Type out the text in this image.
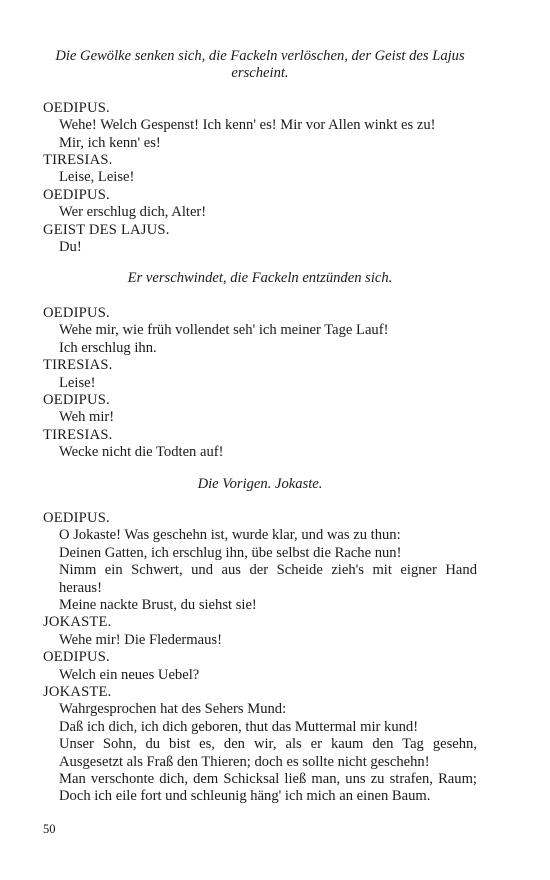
Die Gewölke senken sich, die Fackeln verlöschen, der Geist des Lajus erscheint.
OEDIPUS.
Wehe! Welch Gespenst! Ich kenn' es! Mir vor Allen winkt es zu!
Mir, ich kenn' es!
TIRESIAS.
Leise, Leise!
OEDIPUS.
Wer erschlug dich, Alter!
GEIST DES LAJUS.
Du!
Er verschwindet, die Fackeln entzünden sich.
OEDIPUS.
Wehe mir, wie früh vollendet seh' ich meiner Tage Lauf!
Ich erschlug ihn.
TIRESIAS.
Leise!
OEDIPUS.
Weh mir!
TIRESIAS.
Wecke nicht die Todten auf!
Die Vorigen. Jokaste.
OEDIPUS.
O Jokaste! Was geschehn ist, wurde klar, und was zu thun:
Deinen Gatten, ich erschlug ihn, übe selbst die Rache nun!
Nimm ein Schwert, und aus der Scheide zieh's mit eigner Hand
heraus!
Meine nackte Brust, du siehst sie!
JOKASTE.
Wehe mir! Die Fledermaus!
OEDIPUS.
Welch ein neues Uebel?
JOKASTE.
Wahrgesprochen hat des Sehers Mund:
Daß ich dich, ich dich geboren, thut das Muttermal mir kund!
Unser Sohn, du bist es, den wir, als er kaum den Tag gesehn,
Ausgesetzt als Fraß den Thieren; doch es sollte nicht geschehn!
Man verschonte dich, dem Schicksal ließ man, uns zu strafen, Raum;
Doch ich eile fort und schleunig häng' ich mich an einen Baum.
50
